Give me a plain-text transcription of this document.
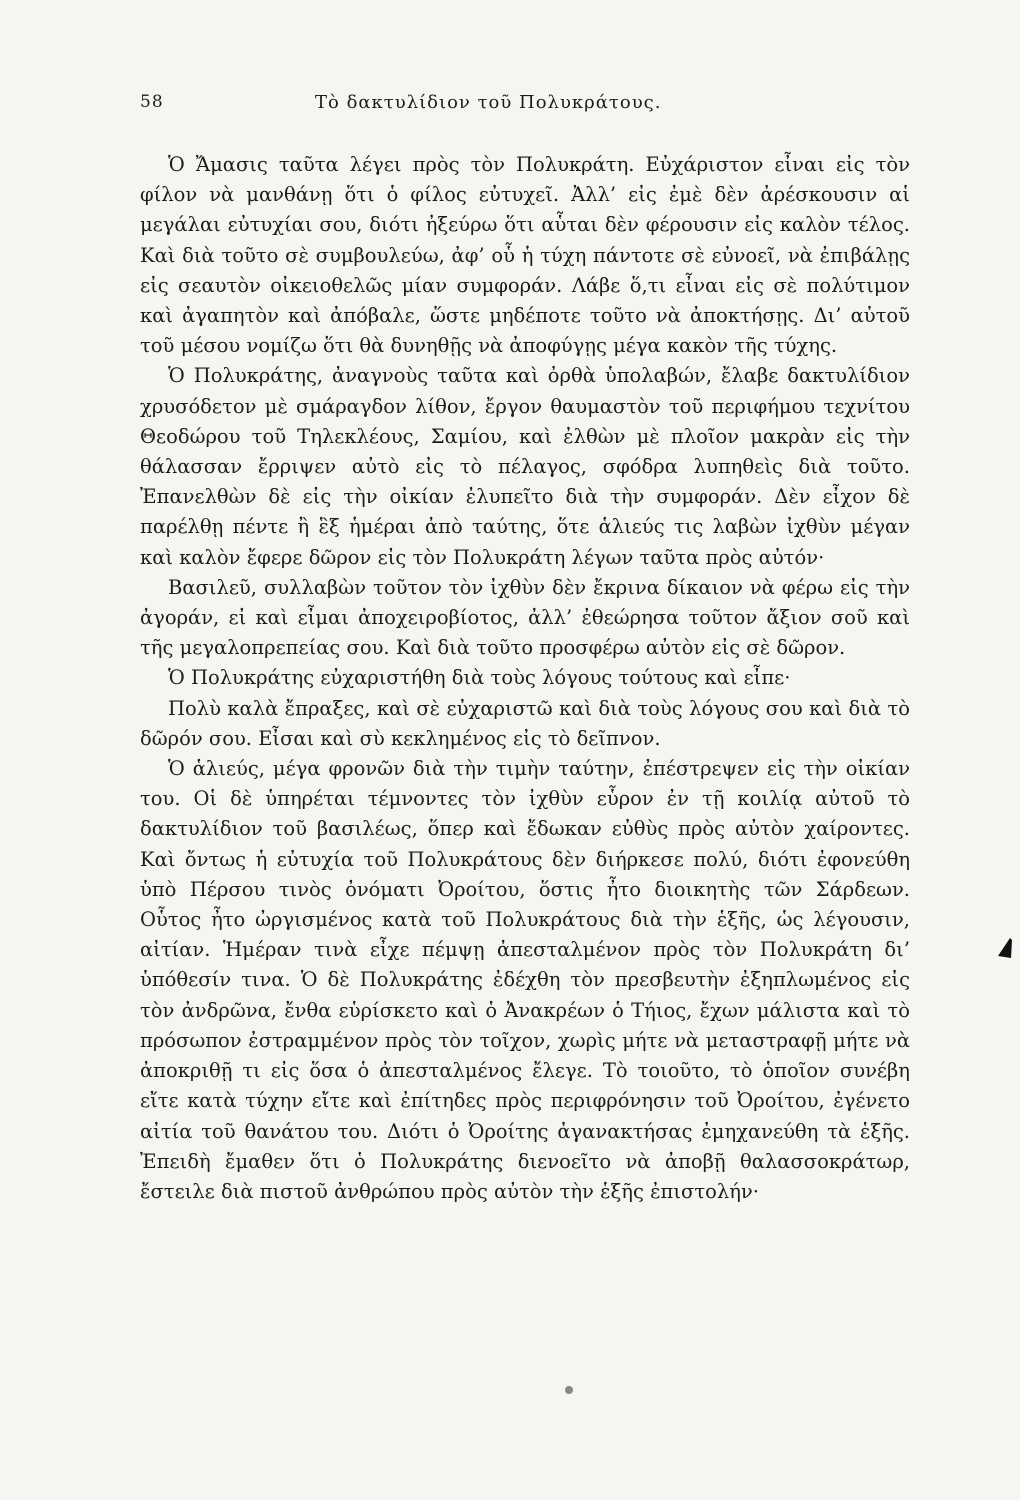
58	Τὸ δακτυλίδιον τοῦ Πολυκράτους.

Ὁ Ἄμασις ταῦτα λέγει πρὸς τὸν Πολυκράτη. Εὐχάριστον εἶναι εἰς τὸν φίλον νὰ μανθάνῃ ὅτι ὁ φίλος εὐτυχεῖ. Ἀλλ’ εἰς ἐμὲ δὲν ἀρέσκουσιν αἱ μεγάλαι εὐτυχίαι σου, διότι ἠξεύρω ὅτι αὗται δὲν φέρουσιν εἰς καλὸν τέλος. Καὶ διὰ τοῦτο σὲ συμβουλεύω, ἀφ’ οὗ ἡ τύχη πάντοτε σὲ εὐνοεῖ, νὰ ἐπιβάλῃς εἰς σεαυτὸν οἰκειοθελῶς μίαν συμφοράν. Λάβε ὅ,τι εἶναι εἰς σὲ πολύτιμον καὶ ἀγαπητὸν καὶ ἀπόβαλε, ὥστε μηδέποτε τοῦτο νὰ ἀποκτήσῃς. Δι’ αὐτοῦ τοῦ μέσου νομίζω ὅτι θὰ δυνηθῇς νὰ ἀποφύγῃς μέγα κακὸν τῆς τύχης.

Ὁ Πολυκράτης, ἀναγνοὺς ταῦτα καὶ ὀρθὰ ὑπολαβών, ἔλαβε δακτυλίδιον χρυσόδετον μὲ σμάραγδον λίθον, ἔργον θαυμαστὸν τοῦ περιφήμου τεχνίτου Θεοδώρου τοῦ Τηλεκλέους, Σαμίου, καὶ ἐλθὼν μὲ πλοῖον μακρὰν εἰς τὴν θάλασσαν ἔρριψεν αὐτὸ εἰς τὸ πέλαγος, σφόδρα λυπηθεὶς διὰ τοῦτο. Ἐπανελθὼν δὲ εἰς τὴν οἰκίαν ἐλυπεῖτο διὰ τὴν συμφοράν. Δὲν εἶχον δὲ παρέλθῃ πέντε ἢ ἓξ ἡμέραι ἀπὸ ταύτης, ὅτε ἁλιεύς τις λαβὼν ἰχθὺν μέγαν καὶ καλὸν ἔφερε δῶρον εἰς τὸν Πολυκράτη λέγων ταῦτα πρὸς αὐτόν·

Βασιλεῦ, συλλαβὼν τοῦτον τὸν ἰχθὺν δὲν ἔκρινα δίκαιον νὰ φέρω εἰς τὴν ἀγοράν, εἰ καὶ εἶμαι ἀποχειροβίοτος, ἀλλ’ ἐθεώρησα τοῦτον ἄξιον σοῦ καὶ τῆς μεγαλοπρεπείας σου. Καὶ διὰ τοῦτο προσφέρω αὐτὸν εἰς σὲ δῶρον.

Ὁ Πολυκράτης εὐχαριστήθη διὰ τοὺς λόγους τούτους καὶ εἶπε·

Πολὺ καλὰ ἔπραξες, καὶ σὲ εὐχαριστῶ καὶ διὰ τοὺς λόγους σου καὶ διὰ τὸ δῶρόν σου. Εἶσαι καὶ σὺ κεκλημένος εἰς τὸ δεῖπνον.

Ὁ ἁλιεύς, μέγα φρονῶν διὰ τὴν τιμὴν ταύτην, ἐπέστρεψεν εἰς τὴν οἰκίαν του. Οἱ δὲ ὑπηρέται τέμνοντες τὸν ἰχθὺν εὗρον ἐν τῇ κοιλίᾳ αὐτοῦ τὸ δακτυλίδιον τοῦ βασιλέως, ὅπερ καὶ ἔδωκαν εὐθὺς πρὸς αὐτὸν χαίροντες. Καὶ ὄντως ἡ εὐτυχία τοῦ Πολυκράτους δὲν διήρκεσε πολύ, διότι ἐφονεύθη ὑπὸ Πέρσου τινὸς ὀνόματι Ὀροίτου, ὅστις ἦτο διοικητὴς τῶν Σάρδεων. Οὗτος ἦτο ὠργισμένος κατὰ τοῦ Πολυκράτους διὰ τὴν ἑξῆς, ὡς λέγουσιν, αἰτίαν. Ἡμέραν τινὰ εἶχε πέμψῃ ἀπεσταλμένον πρὸς τὸν Πολυκράτη δι’ ὑπόθεσίν τινα. Ὁ δὲ Πολυκράτης ἐδέχθη τὸν πρεσβευτὴν ἐξηπλωμένος εἰς τὸν ἀνδρῶνα, ἔνθα εὑρίσκετο καὶ ὁ Ἀνακρέων ὁ Τήιος, ἔχων μάλιστα καὶ τὸ πρόσωπον ἐστραμμένον πρὸς τὸν τοῖχον, χωρὶς μήτε νὰ μεταστραφῇ μήτε νὰ ἀποκριθῇ τι εἰς ὅσα ὁ ἀπεσταλμένος ἔλεγε. Τὸ τοιοῦτο, τὸ ὁποῖον συνέβη εἴτε κατὰ τύχην εἴτε καὶ ἐπίτηδες πρὸς περιφρόνησιν τοῦ Ὀροίτου, ἐγένετο αἰτία τοῦ θανάτου του. Διότι ὁ Ὀροίτης ἀγανακτήσας ἐμηχανεύθη τὰ ἑξῆς. Ἐπειδὴ ἔμαθεν ὅτι ὁ Πολυκράτης διενοεῖτο νὰ ἀποβῇ θαλασσοκράτωρ, ἔστειλε διὰ πιστοῦ ἀνθρώπου πρὸς αὐτὸν τὴν ἑξῆς ἐπιστολήν·
